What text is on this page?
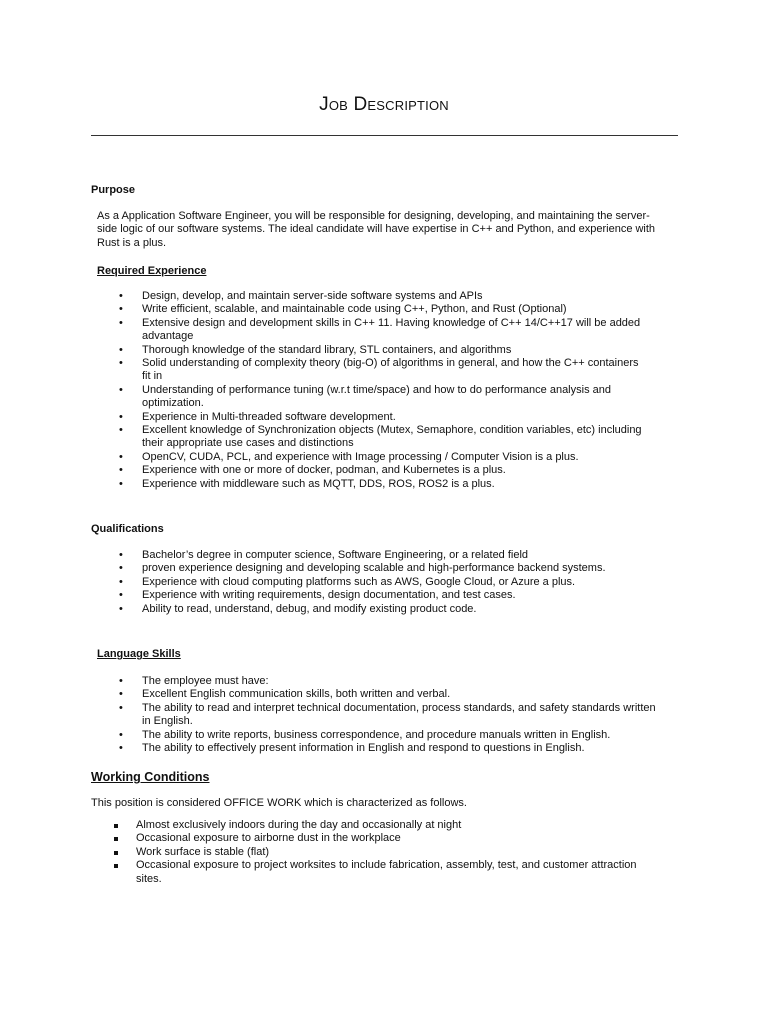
Job Description
Purpose

As a Application Software Engineer, you will be responsible for designing, developing, and maintaining the server-side logic of our software systems. The ideal candidate will have expertise in C++ and Python, and experience with Rust is a plus.

Required Experience
•	Design, develop, and maintain server-side software systems and APIs
•	Write efficient, scalable, and maintainable code using C++, Python, and Rust (Optional)
•	Extensive design and development skills in C++ 11. Having knowledge of C++ 14/C++17 will be added advantage
•	Thorough knowledge of the standard library, STL containers, and algorithms
•	Solid understanding of complexity theory (big-O) of algorithms in general, and how the C++ containers fit in
•	Understanding of performance tuning (w.r.t time/space) and how to do performance analysis and optimization.
•	Experience in Multi-threaded software development.
•	Excellent knowledge of Synchronization objects (Mutex, Semaphore, condition variables, etc) including their appropriate use cases and distinctions
•	OpenCV, CUDA, PCL, and experience with Image processing / Computer Vision is a plus.
•	Experience with one or more of docker, podman, and Kubernetes is a plus.
•	Experience with middleware such as MQTT, DDS, ROS, ROS2 is a plus.
Qualifications
•	Bachelor’s degree in computer science, Software Engineering, or a related field
•	proven experience designing and developing scalable and high-performance backend systems.
•	Experience with cloud computing platforms such as AWS, Google Cloud, or Azure a plus.
•	Experience with writing requirements, design documentation, and test cases.
•	Ability to read, understand, debug, and modify existing product code.
Language Skills
•	The employee must have:
•	Excellent English communication skills, both written and verbal.
•	The ability to read and interpret technical documentation, process standards, and safety standards written in English.
•	The ability to write reports, business correspondence, and procedure manuals written in English.
•	The ability to effectively present information in English and respond to questions in English.
Working Conditions

This position is considered OFFICE WORK which is characterized as follows.

Almost exclusively indoors during the day and occasionally at night
Occasional exposure to airborne dust in the workplace
Work surface is stable (flat)
Occasional exposure to project worksites to include fabrication, assembly, test, and customer attraction sites.
